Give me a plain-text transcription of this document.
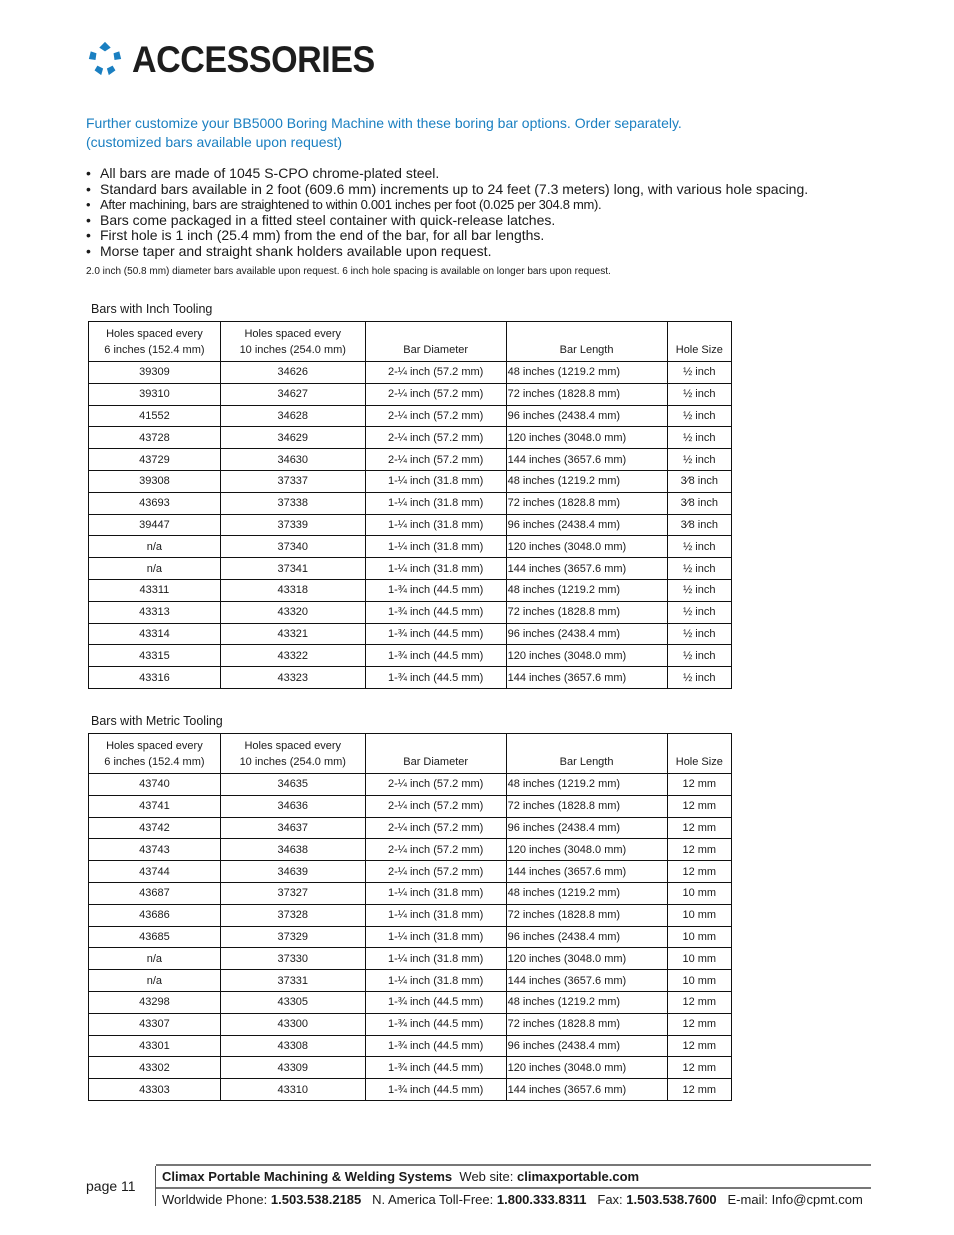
ACCESSORIES
Further customize your BB5000 Boring Machine with these boring bar options. Order separately.
(customized bars available upon request)
• All bars are made of 1045 S-CPO chrome-plated steel.
• Standard bars available in 2 foot (609.6 mm) increments up to 24 feet (7.3 meters) long, with various hole spacing.
• After machining, bars are straightened to within 0.001 inches per foot (0.025 per 304.8 mm).
• Bars come packaged in a fitted steel container with quick-release latches.
• First hole is 1 inch (25.4 mm) from the end of the bar, for all bar lengths.
• Morse taper and straight shank holders available upon request.
2.0 inch (50.8 mm) diameter bars available upon request. 6 inch hole spacing is available on longer bars upon request.
Bars with Inch Tooling
Holes spaced every
6 inches (152.4 mm)	Holes spaced every
10 inches (254.0 mm)	Bar Diameter	Bar Length	Hole Size
39309	34626	2-¼ inch (57.2 mm)	48 inches (1219.2 mm)	½ inch
39310	34627	2-¼ inch (57.2 mm)	72 inches (1828.8 mm)	½ inch
41552	34628	2-¼ inch (57.2 mm)	96 inches (2438.4 mm)	½ inch
43728	34629	2-¼ inch (57.2 mm)	120 inches (3048.0 mm)	½ inch
43729	34630	2-¼ inch (57.2 mm)	144 inches (3657.6 mm)	½ inch
39308	37337	1-¼ inch (31.8 mm)	48 inches (1219.2 mm)	3⁄8 inch
43693	37338	1-¼ inch (31.8 mm)	72 inches (1828.8 mm)	3⁄8 inch
39447	37339	1-¼ inch (31.8 mm)	96 inches (2438.4 mm)	3⁄8 inch
n/a	37340	1-¼ inch (31.8 mm)	120 inches (3048.0 mm)	½ inch
n/a	37341	1-¼ inch (31.8 mm)	144 inches (3657.6 mm)	½ inch
43311	43318	1-¾ inch (44.5 mm)	48 inches (1219.2 mm)	½ inch
43313	43320	1-¾ inch (44.5 mm)	72 inches (1828.8 mm)	½ inch
43314	43321	1-¾ inch (44.5 mm)	96 inches (2438.4 mm)	½ inch
43315	43322	1-¾ inch (44.5 mm)	120 inches (3048.0 mm)	½ inch
43316	43323	1-¾ inch (44.5 mm)	144 inches (3657.6 mm)	½ inch
Bars with Metric Tooling
Holes spaced every
6 inches (152.4 mm)	Holes spaced every
10 inches (254.0 mm)	Bar Diameter	Bar Length	Hole Size
43740	34635	2-¼ inch (57.2 mm)	48 inches (1219.2 mm)	12 mm
43741	34636	2-¼ inch (57.2 mm)	72 inches (1828.8 mm)	12 mm
43742	34637	2-¼ inch (57.2 mm)	96 inches (2438.4 mm)	12 mm
43743	34638	2-¼ inch (57.2 mm)	120 inches (3048.0 mm)	12 mm
43744	34639	2-¼ inch (57.2 mm)	144 inches (3657.6 mm)	12 mm
43687	37327	1-¼ inch (31.8 mm)	48 inches (1219.2 mm)	10 mm
43686	37328	1-¼ inch (31.8 mm)	72 inches (1828.8 mm)	10 mm
43685	37329	1-¼ inch (31.8 mm)	96 inches (2438.4 mm)	10 mm
n/a	37330	1-¼ inch (31.8 mm)	120 inches (3048.0 mm)	10 mm
n/a	37331	1-¼ inch (31.8 mm)	144 inches (3657.6 mm)	10 mm
43298	43305	1-¾ inch (44.5 mm)	48 inches (1219.2 mm)	12 mm
43307	43300	1-¾ inch (44.5 mm)	72 inches (1828.8 mm)	12 mm
43301	43308	1-¾ inch (44.5 mm)	96 inches (2438.4 mm)	12 mm
43302	43309	1-¾ inch (44.5 mm)	120 inches (3048.0 mm)	12 mm
43303	43310	1-¾ inch (44.5 mm)	144 inches (3657.6 mm)	12 mm
page 11
Climax Portable Machining & Welding Systems Web site: climaxportable.com
Worldwide Phone: 1.503.538.2185 N. America Toll-Free: 1.800.333.8311 Fax: 1.503.538.7600 E-mail: Info@cpmt.com
